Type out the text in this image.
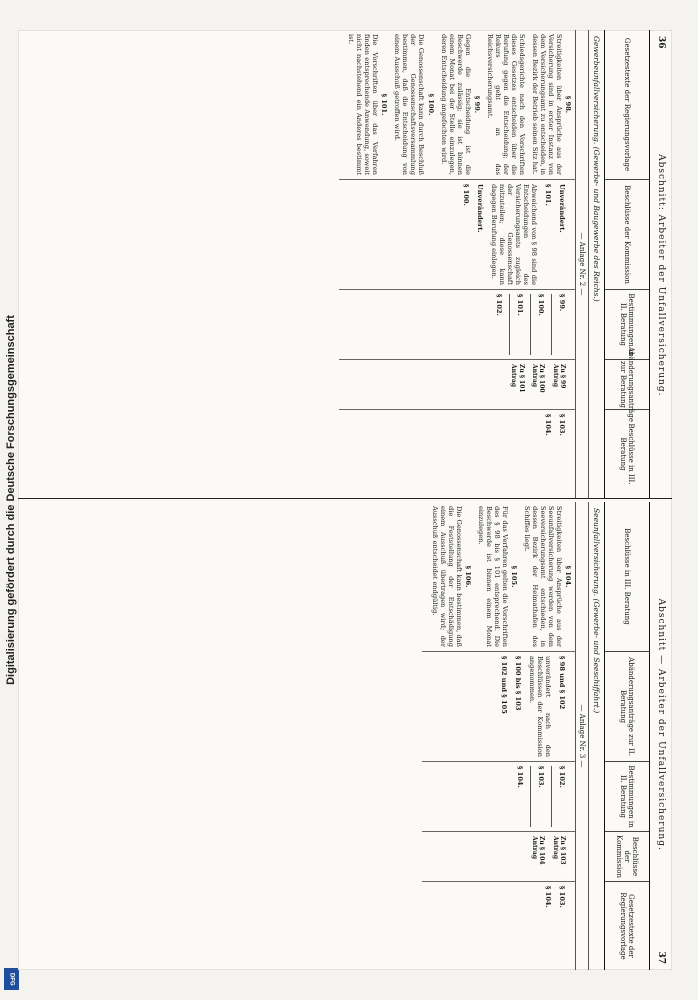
Digitalisierung gefördert durch die Deutsche Forschungsgemeinschaft
DFG
36
Abschnitt: Arbeiter der Unfallversicherung.
Gesetzestexte der Regierungsvorlage
Beschlüsse der Kommission
Bestimmungen in II. Beratung
Abänderungsanträge zur Beratung
Beschlüsse in III. Beratung
Gewerbeunfallversicherung. (Gewerbe- und Baugewerbe des Reichs.)
— Anlage Nr. 2 —

§ 98.
Streitigkeiten über Ansprüche aus der Versicherung sind in erster Instanz von dem Versicherungsamt zu entscheiden, in dessen Bezirk der Betrieb seinen Sitz hat.

Schiedsgerichte nach den Vorschriften dieses Gesetzes entscheiden über die Berufung gegen die Entscheidung; der Rekurs geht an das Reichsversicherungsamt.

§ 99.
Gegen die Entscheidung ist die Beschwerde zulässig; sie ist binnen einem Monat bei der Stelle einzulegen, deren Entscheidung angefochten wird.

§ 100.
Die Genossenschaft kann durch Beschluß der Genossenschaftsversammlung bestimmen, daß die Entscheidung von einem Ausschuß getroffen wird.

§ 101.
Die Vorschriften über das Verfahren finden entsprechende Anwendung, soweit nicht nachstehend ein Anderes bestimmt ist.

Unverändert.
§ 101.

Abweichend von § 98 sind die Entscheidungen des Versicherungsamts zugleich der Genossenschaft mitzuteilen; diese kann dagegen Berufung einlegen.

Unverändert.
§ 100.
§ 99.
§ 100.
§ 101.
§ 102.
Zu § 99 Antrag
Zu § 100 Antrag
Zu § 101 Antrag
§ 103.
§ 104.
Abschnitt — Arbeiter der Unfallversicherung.
37
Beschlüsse in III. Beratung
Abänderungsanträge zur II. Beratung
Bestimmungen in II. Beratung
Beschlüsse der Kommission
Gesetzestexte der Regierungsvorlage
Seeunfallversicherung. (Gewerbe- und Seeschiffahrt.)
— Anlage Nr. 3 —

§ 104.
Streitigkeiten über Ansprüche aus der Seeunfallversicherung werden von dem Seeversicherungsamt entschieden, in dessen Bezirk der Heimathafen des Schiffes liegt.

§ 105.
Für das Verfahren gelten die Vorschriften des § 98 bis § 101 entsprechend. Die Beschwerde ist binnen einem Monat einzulegen.

§ 106.
Die Genossenschaft kann bestimmen, daß die Feststellung der Entschädigung einem Ausschuß übertragen wird; der Ausschuß entscheidet endgültig.

§ 98 und § 102

unverändert nach den Beschlüssen der Kommission angenommen.

§ 100 bis § 103
§ 102 und § 105
§ 102.
§ 103.
§ 104.
Zu § 103 Antrag
Zu § 104 Antrag
§ 103.
§ 104.
